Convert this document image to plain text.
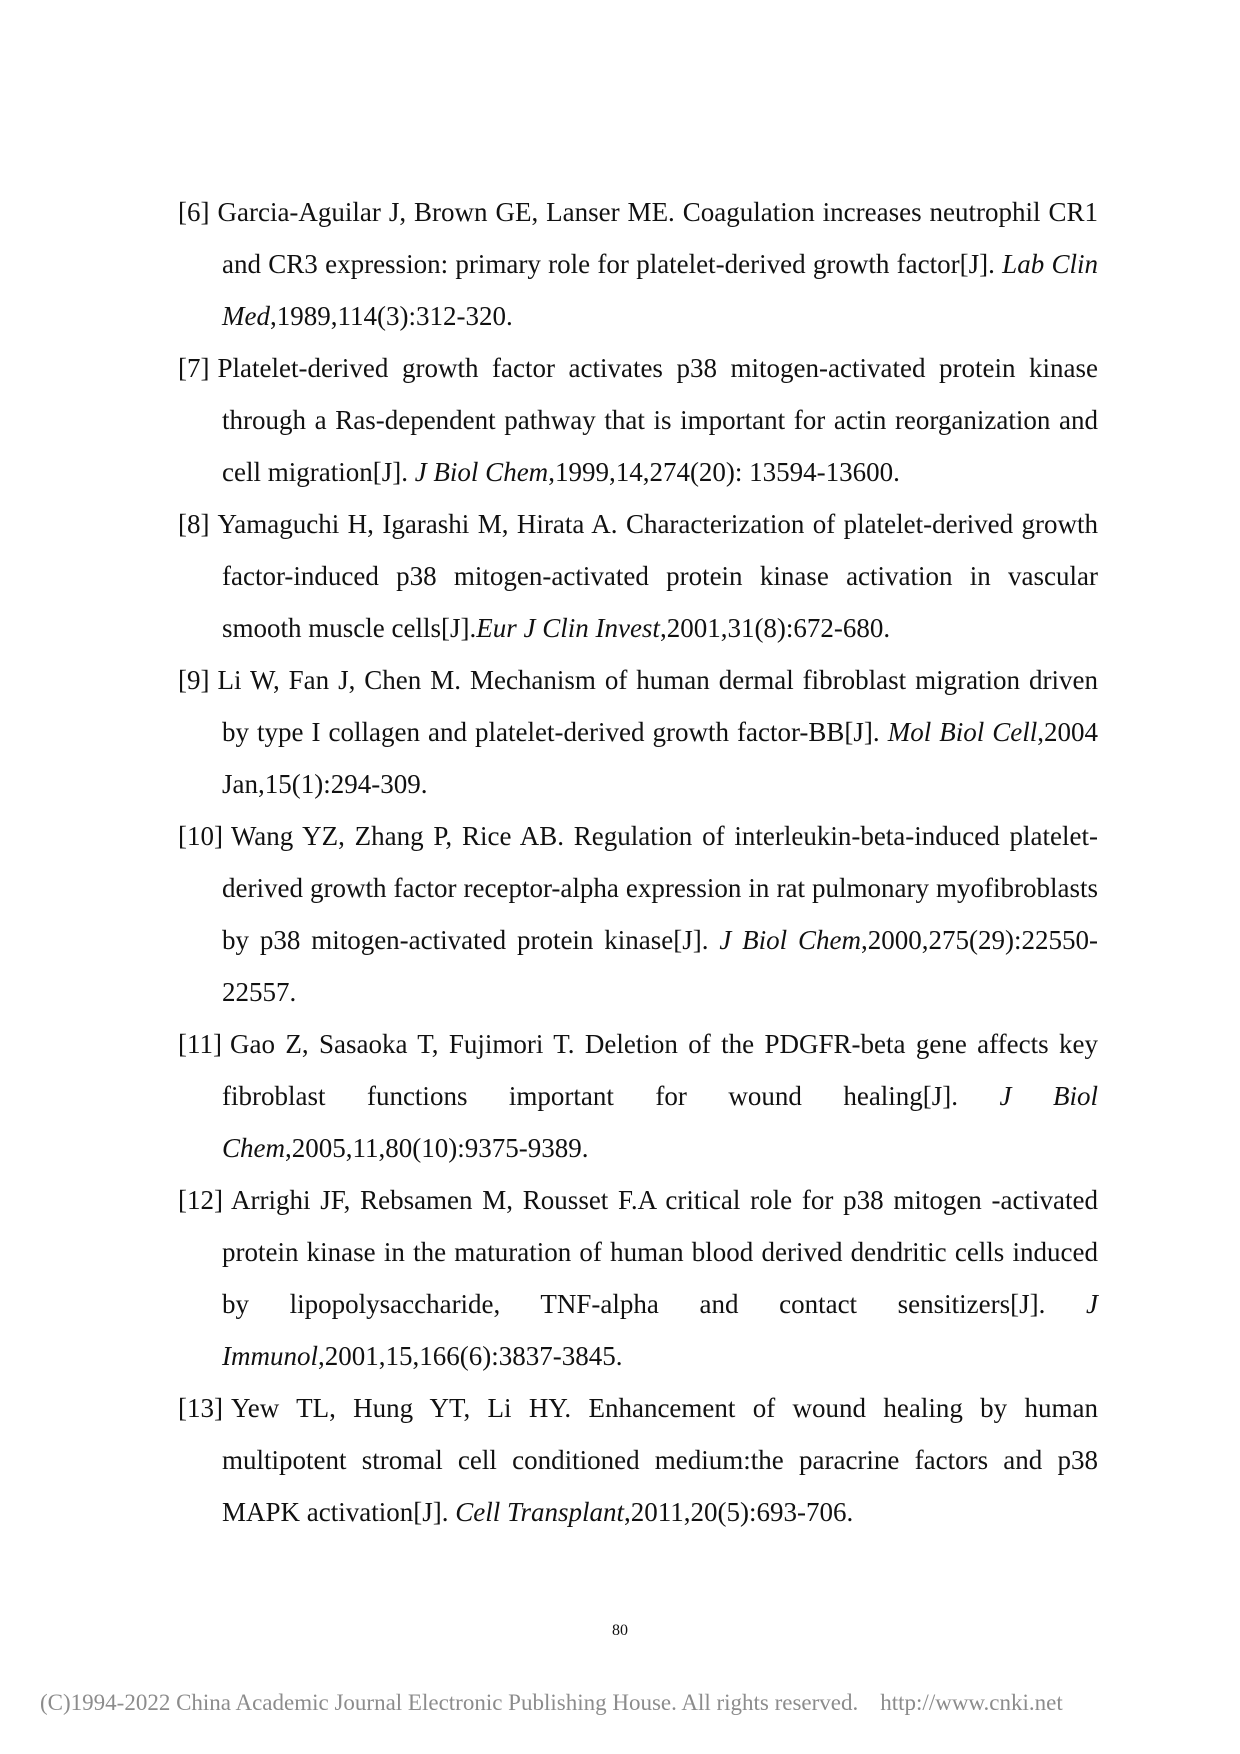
[6] Garcia-Aguilar J, Brown GE, Lanser ME. Coagulation increases neutrophil CR1 and CR3 expression: primary role for platelet-derived growth factor[J]. Lab Clin Med,1989,114(3):312-320.
[7] Platelet-derived growth factor activates p38 mitogen-activated protein kinase through a Ras-dependent pathway that is important for actin reorganization and cell migration[J]. J Biol Chem,1999,14,274(20): 13594-13600.
[8] Yamaguchi H, Igarashi M, Hirata A. Characterization of platelet-derived growth factor-induced p38 mitogen-activated protein kinase activation in vascular smooth muscle cells[J].Eur J Clin Invest,2001,31(8):672-680.
[9] Li W, Fan J, Chen M. Mechanism of human dermal fibroblast migration driven by type I collagen and platelet-derived growth factor-BB[J]. Mol Biol Cell,2004 Jan,15(1):294-309.
[10] Wang YZ, Zhang P, Rice AB. Regulation of interleukin-beta-induced platelet-derived growth factor receptor-alpha expression in rat pulmonary myofibroblasts by p38 mitogen-activated protein kinase[J]. J Biol Chem,2000,275(29):22550-22557.
[11] Gao Z, Sasaoka T, Fujimori T. Deletion of the PDGFR-beta gene affects key fibroblast functions important for wound healing[J]. J Biol Chem,2005,11,80(10):9375-9389.
[12] Arrighi JF, Rebsamen M, Rousset F.A critical role for p38 mitogen -activated protein kinase in the maturation of human blood derived dendritic cells induced by lipopolysaccharide, TNF-alpha and contact sensitizers[J]. J Immunol,2001,15,166(6):3837-3845.
[13] Yew TL, Hung YT, Li HY. Enhancement of wound healing by human multipotent stromal cell conditioned medium:the paracrine factors and p38 MAPK activation[J]. Cell Transplant,2011,20(5):693-706.
80
(C)1994-2022 China Academic Journal Electronic Publishing House. All rights reserved. http://www.cnki.net
